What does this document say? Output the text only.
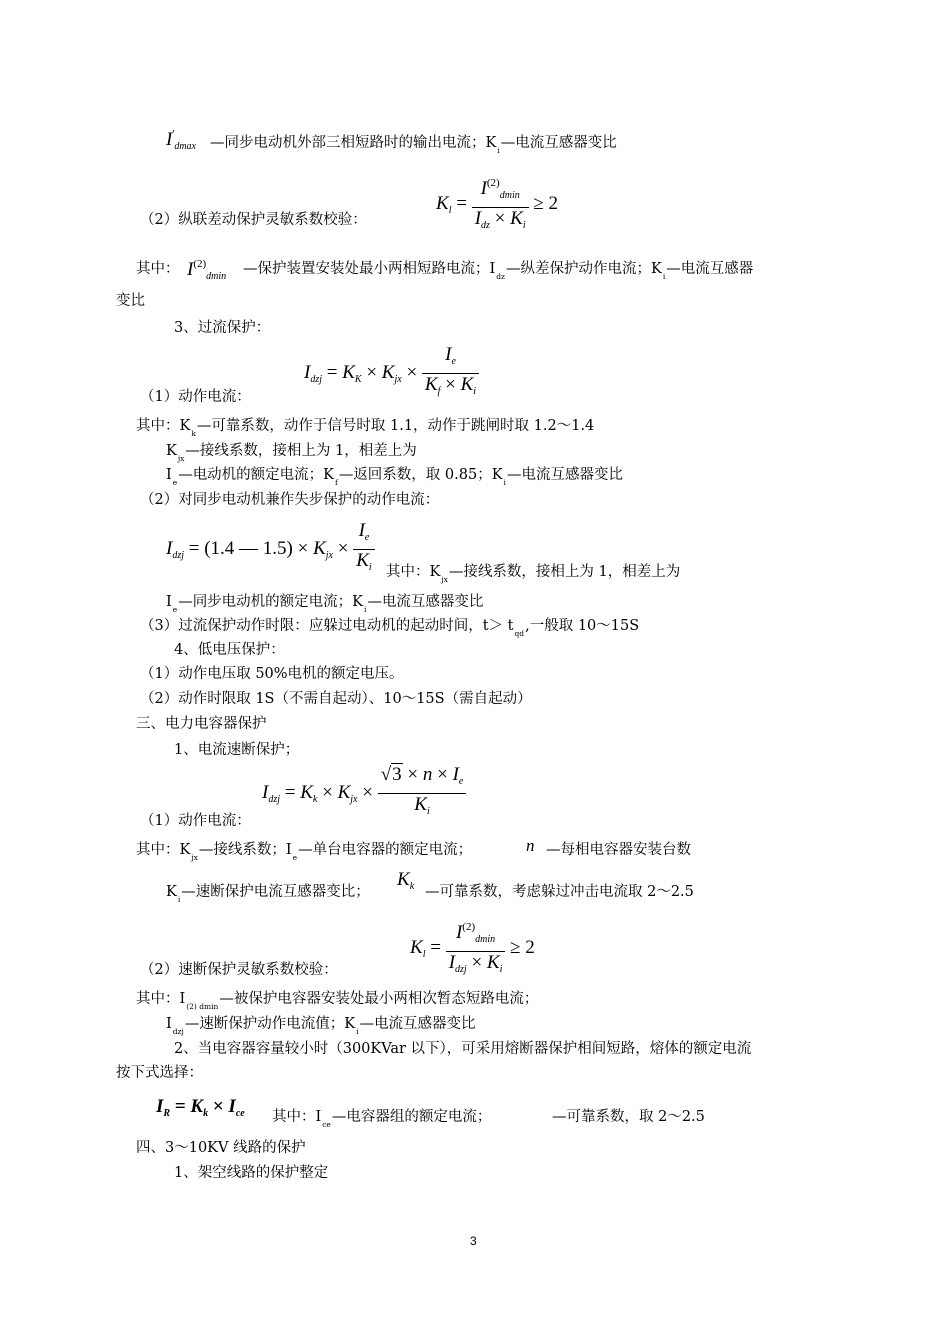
$I'_{dmax}$ —同步电动机外部三相短路时的输出电流；$K_i—$电流互感器变比
$K_l = \frac{I^{(2)}_{dmin}}{I_{dz} \times K_i} \ge 2$
（2）纵联差动保护灵敏系数校验：
其中： $I^{(2)}_{dmin}$ —保护装置安装处最小两相短路电流；$I_{dz}—$纵差保护动作电流；$K_i—$电流互感器
变比
3、过流保护：
$I_{dzj} = K_K \times K_{jx} \times \frac{I_e}{K_f \times K_i}$
（1）动作电流：
其中：$K_k—$可靠系数，动作于信号时取 1.1，动作于跳闸时取 1.2～1.4
$K_{jx}—$接线系数，接相上为 1，相差上为
$I_e—$电动机的额定电流；$K_f—$返回系数，取 0.85；$K_i—$电流互感器变比
（2）对同步电动机兼作失步保护的动作电流：
$I_{dzj} = (1.4$ — $1.5) \times K_{jx} \times \frac{I_e}{K_i}$ 其中：$K_{jx}—$接线系数，接相上为 1，相差上为
$I_e—$同步电动机的额定电流；$K_i—$电流互感器变比
（3）过流保护动作时限：应躲过电动机的起动时间，$t> t_{qd}$,一般取 10～15S
4、低电压保护：
（1）动作电压取 50%电机的额定电压。
（2）动作时限取 1S（不需自起动）、10～15S（需自起动）
三、电力电容器保护
1、电流速断保护；
$I_{dzj} = K_k \times K_{jx} \times \frac{√3 \times n \times I_e}{K_i}$
（1）动作电流：
其中：$K_{jx}—$接线系数；$I_e—$单台电容器的额定电流；	n —每相电容器安装台数
$K_i—$速断保护电流互感器变比；
$K_k$ —可靠系数，考虑躲过冲击电流取 2～2.5
$K_l = \frac{I^{(2)}_{dmin}}{I_{dzj} \times K_i} \ge 2$
（2）速断保护灵敏系数校验：
其中：$I_{(2) dmin}—$被保护电容器安装处最小两相次暂态短路电流；
$I_{dzj}—$速断保护动作电流值；$K_i—$电流互感器变比
2、当电容器容量较小时（300KVar 以下），可采用熔断器保护相间短路，熔体的额定电流
按下式选择：
$I_R = K_k \times I_{ce}$ 其中：$I_{ce}—$电容器组的额定电流；	—可靠系数，取 2～2.5
四、3～10KV 线路的保护
1、架空线路的保护整定
3
